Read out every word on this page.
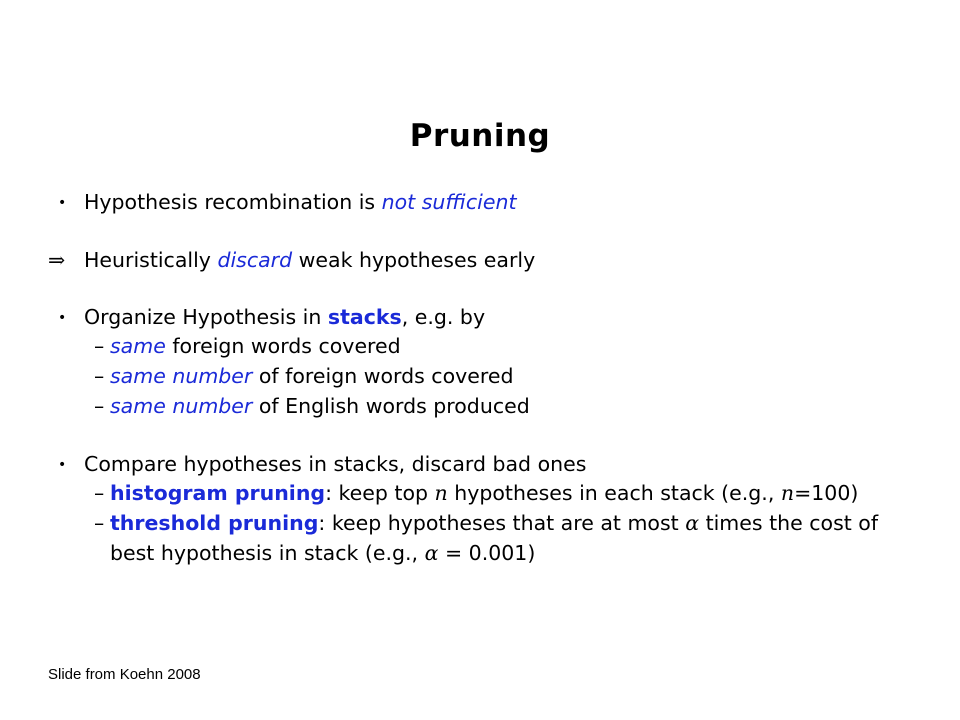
Pruning
• Hypothesis recombination is not sufficient
⇒ Heuristically discard weak hypotheses early
• Organize Hypothesis in stacks, e.g. by
– same foreign words covered
– same number of foreign words covered
– same number of English words produced
• Compare hypotheses in stacks, discard bad ones
– histogram pruning: keep top n hypotheses in each stack (e.g., n=100)
– threshold pruning: keep hypotheses that are at most α times the cost of
best hypothesis in stack (e.g., α = 0.001)
Slide from Koehn 2008
